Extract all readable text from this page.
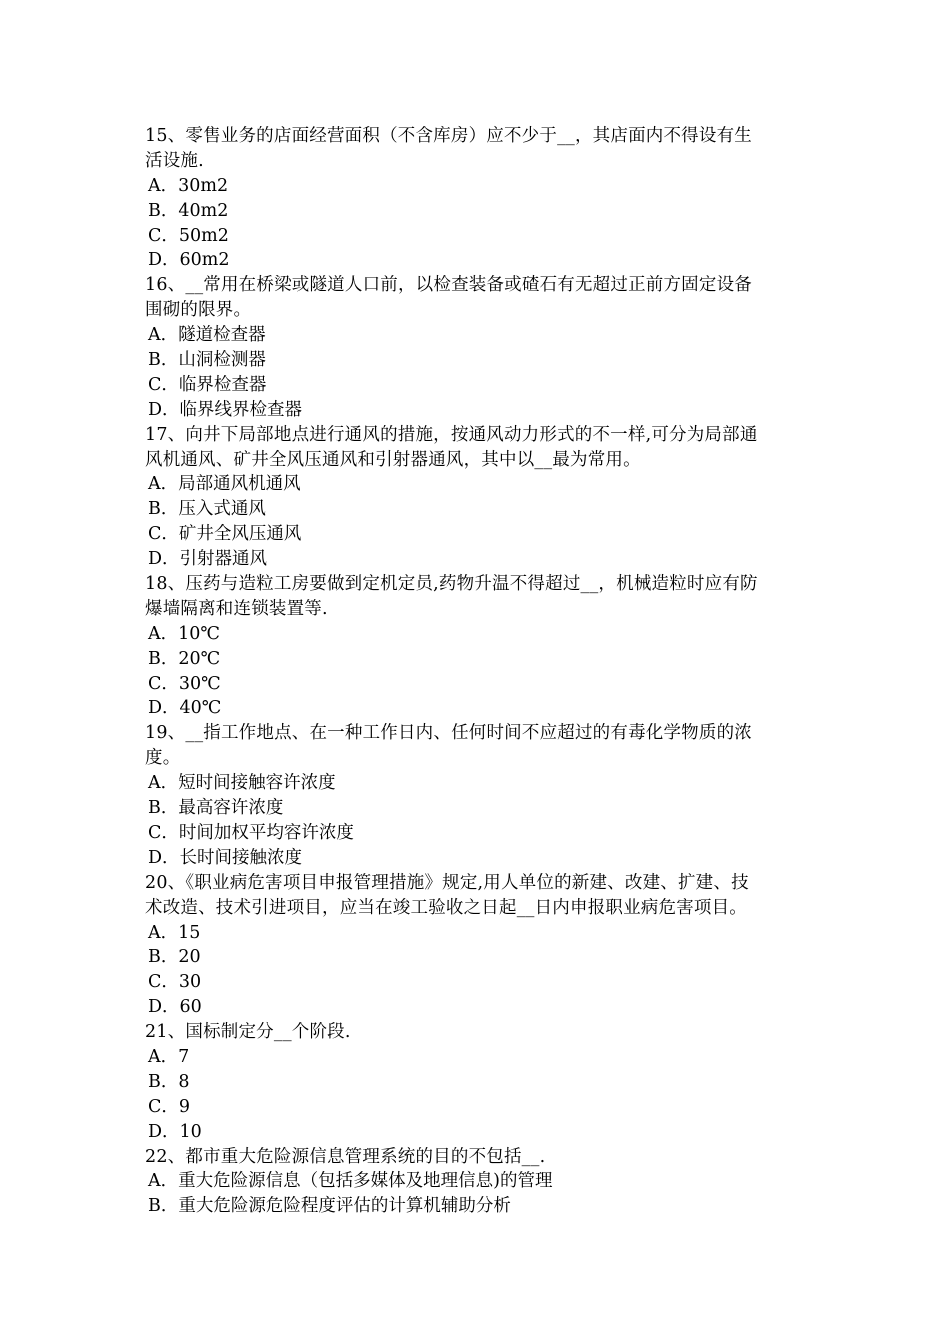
15、零售业务的店面经营面积（不含库房）应不少于__，其店面内不得设有生
活设施.
A．30m2
B．40m2
C．50m2
D．60m2
16、__常用在桥梁或隧道人口前，以检查装备或碴石有无超过正前方固定设备
围砌的限界。
A．隧道检查器
B．山洞检测器
C．临界检查器
D．临界线界检查器
17、向井下局部地点进行通风的措施，按通风动力形式的不一样,可分为局部通
风机通风、矿井全风压通风和引射器通风，其中以__最为常用。
A．局部通风机通风
B．压入式通风
C．矿井全风压通风
D．引射器通风
18、压药与造粒工房要做到定机定员,药物升温不得超过__，机械造粒时应有防
爆墙隔离和连锁装置等.
A．10℃
B．20℃
C．30℃
D．40℃
19、__指工作地点、在一种工作日内、任何时间不应超过的有毒化学物质的浓
度。
A．短时间接触容许浓度
B．最高容许浓度
C．时间加权平均容许浓度
D．长时间接触浓度
20、《职业病危害项目申报管理措施》规定,用人单位的新建、改建、扩建、技
术改造、技术引进项目，应当在竣工验收之日起__日内申报职业病危害项目。
A．15
B．20
C．30
D．60
21、国标制定分__个阶段.
A．7
B．8
C．9
D．10
22、都市重大危险源信息管理系统的目的不包括__.
A．重大危险源信息（包括多媒体及地理信息)的管理
B．重大危险源危险程度评估的计算机辅助分析
